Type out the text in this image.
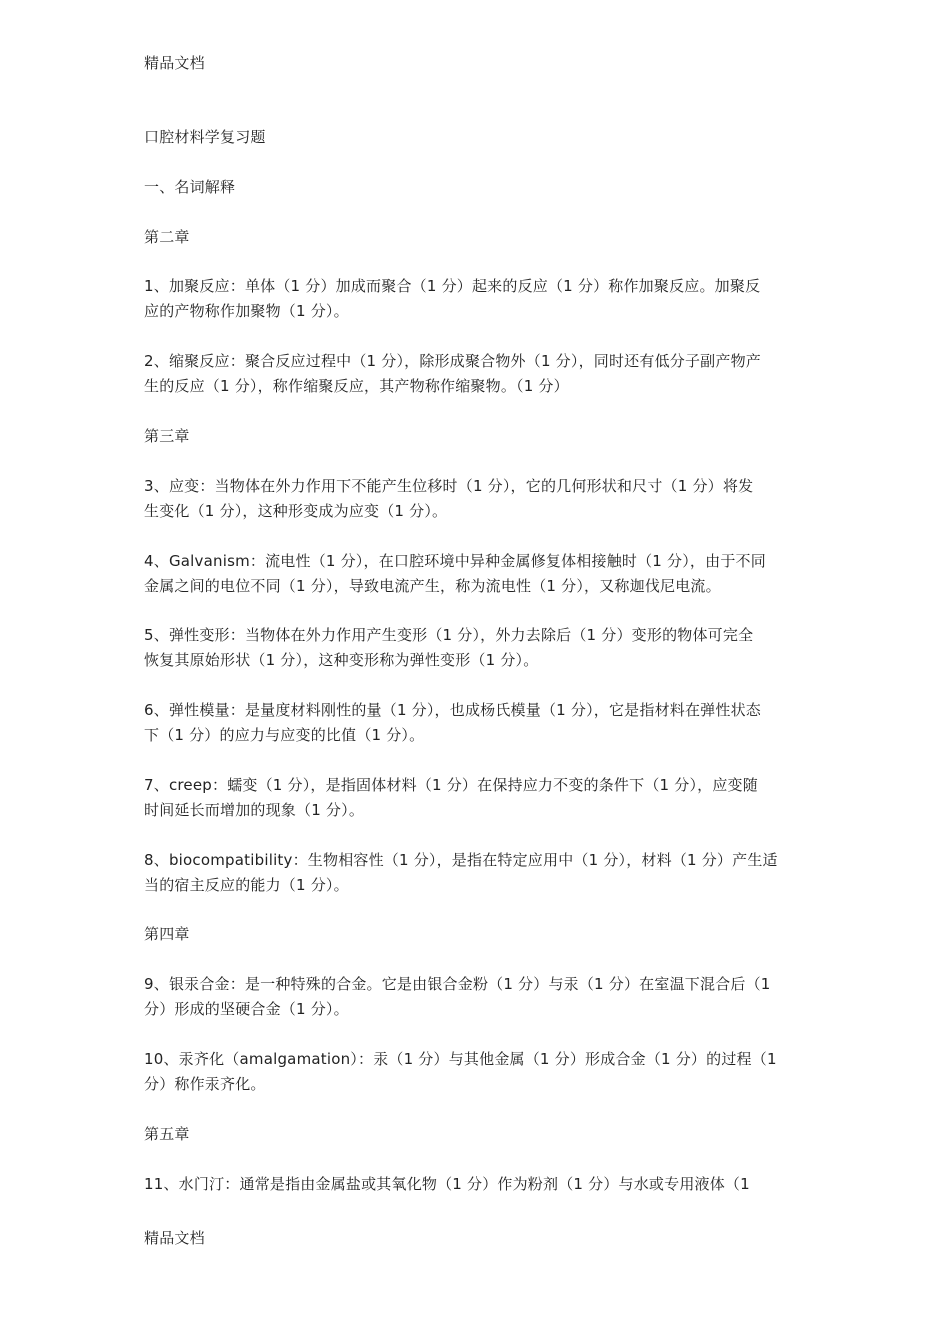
精品文档
口腔材料学复习题
一、名词解释
第二章
1、加聚反应：单体（1 分）加成而聚合（1 分）起来的反应（1 分）称作加聚反应。加聚反
应的产物称作加聚物（1 分）。
2、缩聚反应：聚合反应过程中（1 分），除形成聚合物外（1 分），同时还有低分子副产物产
生的反应（1 分），称作缩聚反应，其产物称作缩聚物。（1 分）
第三章
3、应变：当物体在外力作用下不能产生位移时（1 分），它的几何形状和尺寸（1 分）将发
生变化（1 分），这种形变成为应变（1 分）。
4、Galvanism：流电性（1 分），在口腔环境中异种金属修复体相接触时（1 分），由于不同
金属之间的电位不同（1 分），导致电流产生，称为流电性（1 分），又称迦伐尼电流。
5、弹性变形：当物体在外力作用产生变形（1 分），外力去除后（1 分）变形的物体可完全
恢复其原始形状（1 分），这种变形称为弹性变形（1 分）。
6、弹性模量：是量度材料刚性的量（1 分），也成杨氏模量（1 分），它是指材料在弹性状态
下（1 分）的应力与应变的比值（1 分）。
7、creep：蠕变（1 分），是指固体材料（1 分）在保持应力不变的条件下（1 分），应变随
时间延长而增加的现象（1 分）。
8、biocompatibility：生物相容性（1 分），是指在特定应用中（1 分），材料（1 分）产生适
当的宿主反应的能力（1 分）。
第四章
9、银汞合金：是一种特殊的合金。它是由银合金粉（1 分）与汞（1 分）在室温下混合后（1
分）形成的坚硬合金（1 分）。
10、汞齐化（amalgamation）：汞（1 分）与其他金属（1 分）形成合金（1 分）的过程（1
分）称作汞齐化。
第五章
11、水门汀：通常是指由金属盐或其氧化物（1 分）作为粉剂（1 分）与水或专用液体（1
精品文档
